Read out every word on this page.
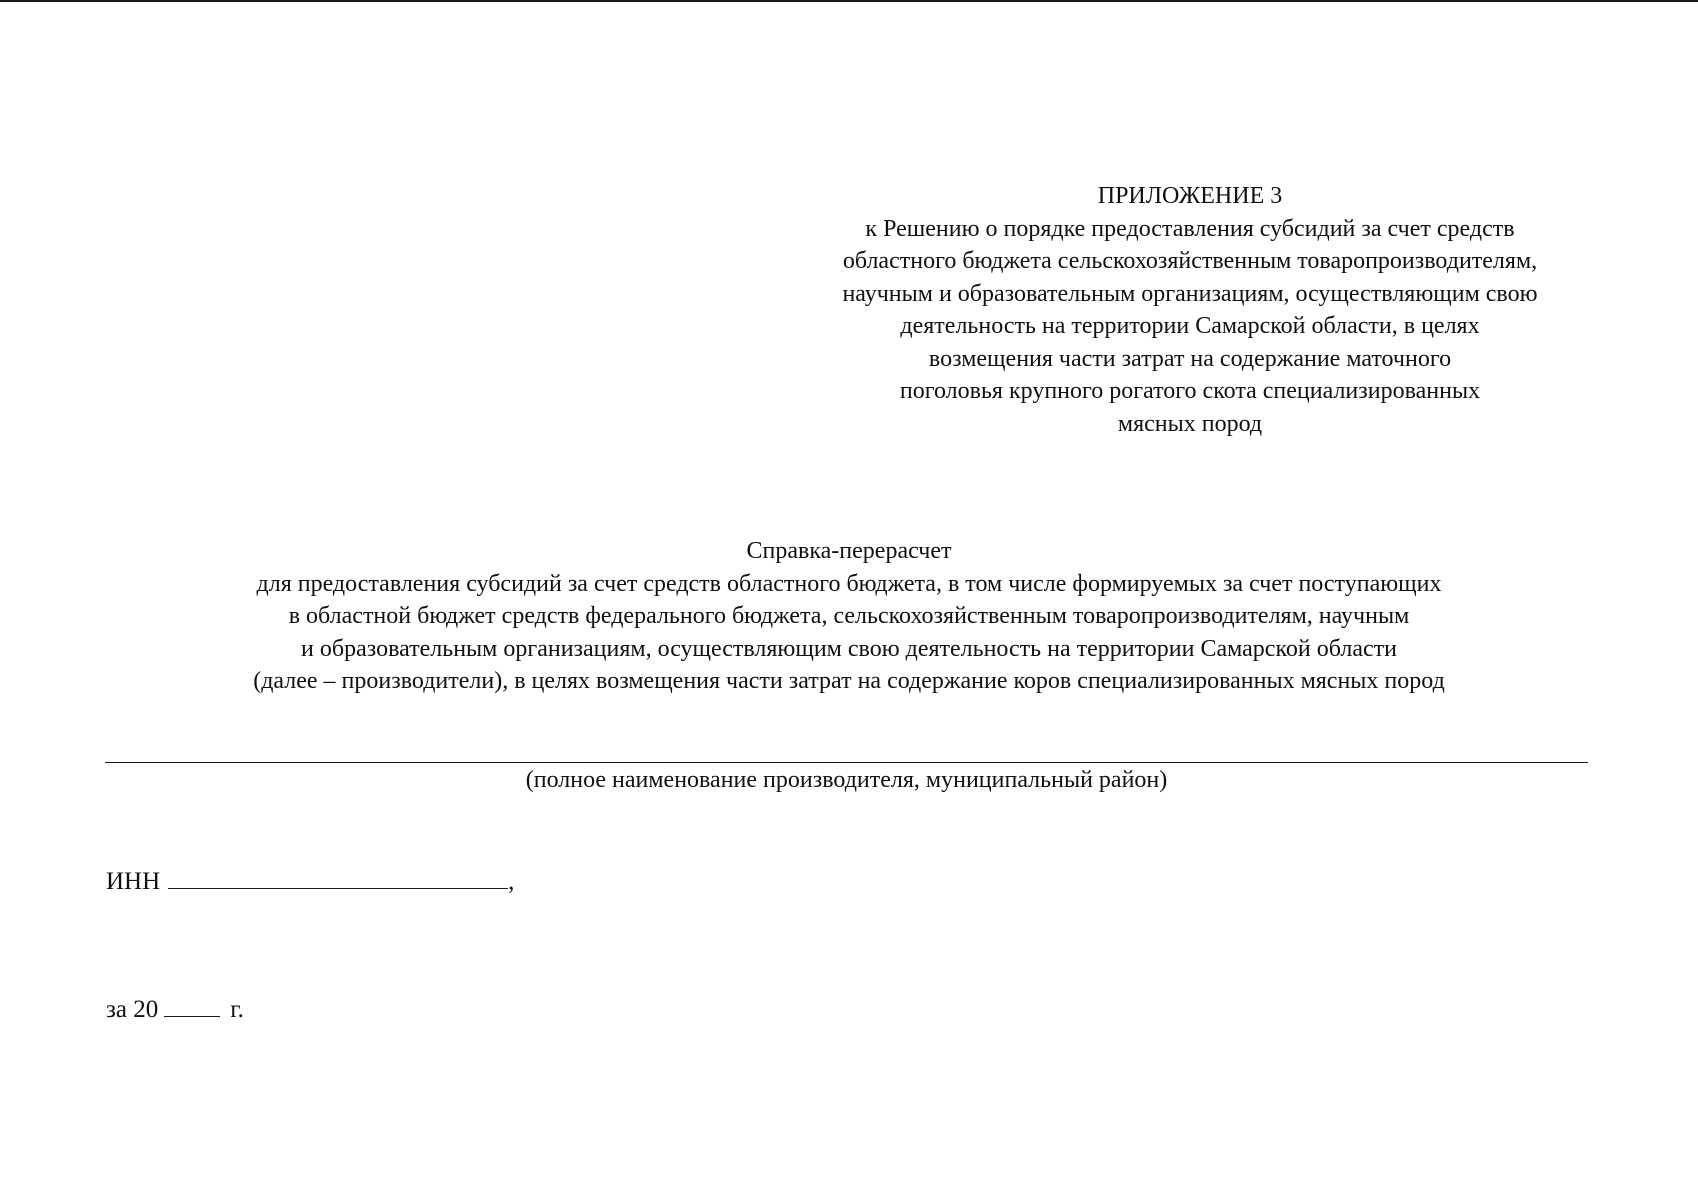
ПРИЛОЖЕНИЕ 3
к Решению о порядке предоставления субсидий за счет средств
областного бюджета сельскохозяйственным товаропроизводителям,
научным и образовательным организациям, осуществляющим свою
деятельность на территории Самарской области, в целях
возмещения части затрат на содержание маточного
поголовья крупного рогатого скота специализированных
мясных пород
Справка-перерасчет
для предоставления субсидий за счет средств областного бюджета, в том числе формируемых за счет поступающих
в областной бюджет средств федерального бюджета, сельскохозяйственным товаропроизводителям, научным
и образовательным организациям, осуществляющим свою деятельность на территории Самарской области
(далее – производители), в целях возмещения части затрат на содержание коров специализированных мясных пород
(полное наименование производителя, муниципальный район)
ИНН	,
за 20	г.
